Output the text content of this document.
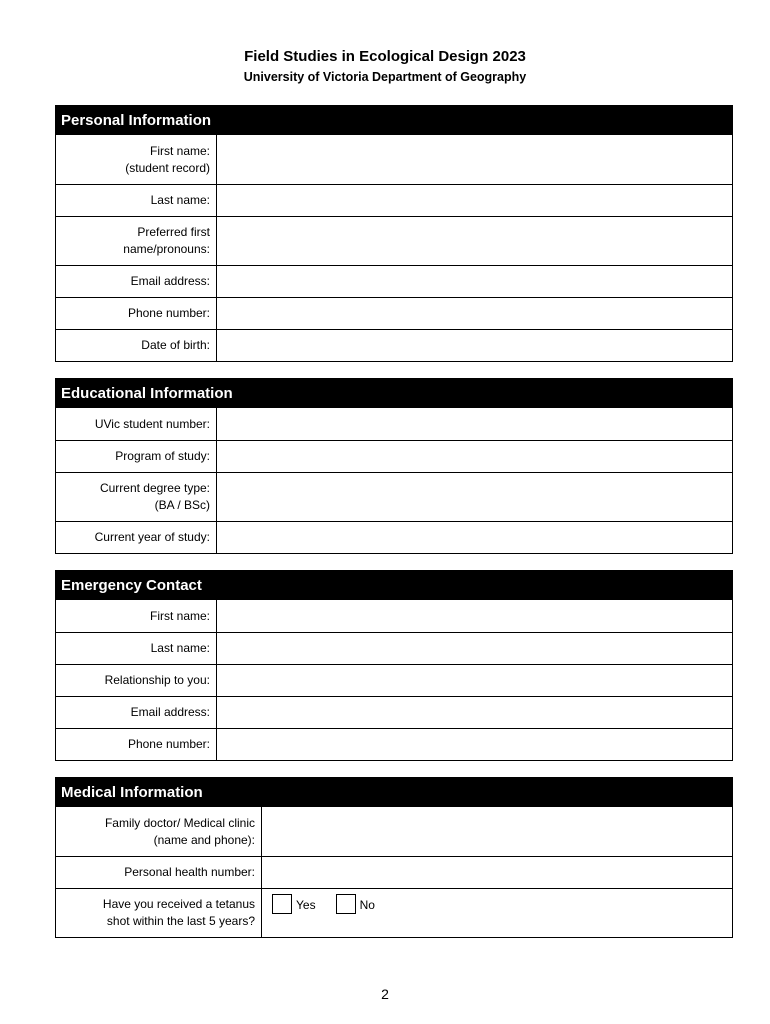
Field Studies in Ecological Design 2023
University of Victoria Department of Geography
Personal Information
First name:
(student record)
Last name:
Preferred first
name/pronouns:
Email address:
Phone number:
Date of birth:
Educational Information
UVic student number:
Program of study:
Current degree type:
(BA / BSc)
Current year of study:
Emergency Contact
First name:
Last name:
Relationship to you:
Email address:
Phone number:
Medical Information
Family doctor/ Medical clinic
(name and phone):
Personal health number:
Have you received a tetanus
shot within the last 5 years?
Yes	No
2
